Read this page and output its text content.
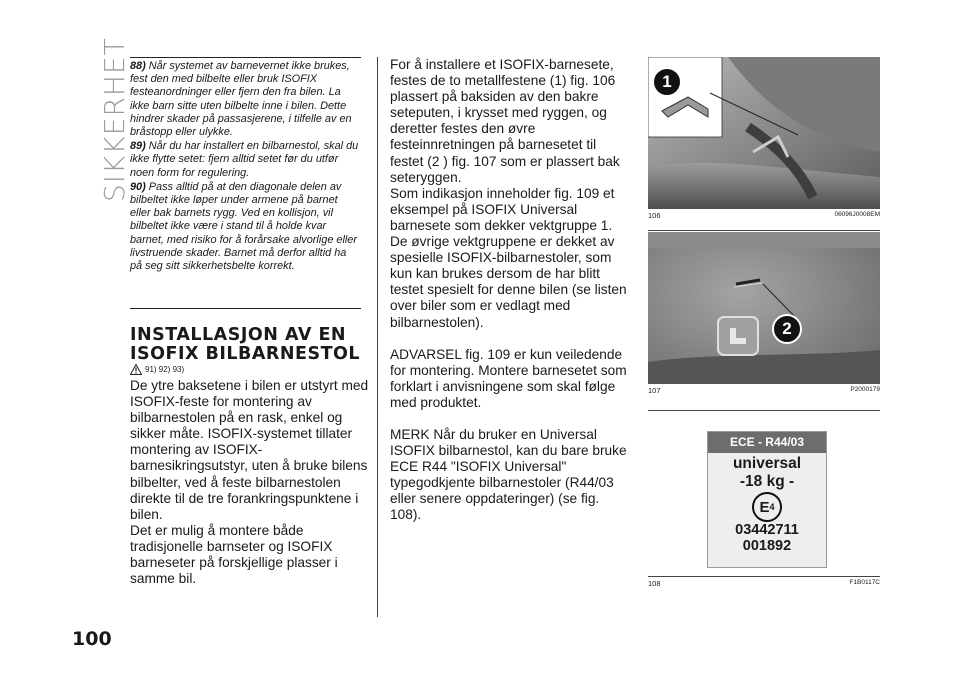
SIKKERHET 88) Når systemet av barnevernet ikke brukes, fest den med bilbelte eller bruk ISOFIX festeanordninger eller fjern den fra bilen. La ikke barn sitte uten bilbelte inne i bilen. Dette hindrer skader på passasjerene, i tilfelle av en bråstopp eller ulykke.

89) Når du har installert en bilbarnestol, skal du ikke flytte setet: fjern alltid setet før du utfør noen form for regulering.

90) Pass alltid på at den diagonale delen av bilbeltet ikke løper under armene på barnet eller bak barnets rygg. Ved en kollisjon, vil bilbeltet ikke være i stand til å holde kvar barnet, med risiko for å forårsake alvorlige eller livstruende skader. Barnet må derfor alltid ha på seg sitt sikkerhetsbelte korrekt.

INSTALLASJON AV EN
ISOFIX BILBARNESTOL
91) 92) 93)

De ytre baksetene i bilen er utstyrt med ISOFIX-feste for montering av bilbarnestolen på en rask, enkel og sikker måte. ISOFIX-systemet tillater montering av ISOFIX-barnesikringsutstyr, uten å bruke bilens bilbelter, ved å feste bilbarnestolen direkte til de tre forankringspunktene i bilen.

Det er mulig å montere både tradisjonelle barnseter og ISOFIX barneseter på forskjellige plasser i samme bil.

For å installere et ISOFIX-barnesete, festes de to metallfestene (1) fig. 106 plassert på baksiden av den bakre seteputen, i krysset med ryggen, og deretter festes den øvre festeinnretningen på barnesetet til festet (2 ) fig. 107 som er plassert bak seteryggen.

Som indikasjon inneholder fig. 109 et eksempel på ISOFIX Universal barnesete som dekker vektgruppe 1.

De øvrige vektgruppene er dekket av spesielle ISOFIX-bilbarnestoler, som kun kan brukes dersom de har blitt testet spesielt for denne bilen (se listen over biler som er vedlagt med bilbarnestolen).

ADVARSEL fig. 109 er kun veiledende for montering. Montere barnesetet som forklart i anvisningene som skal følge med produktet.

MERK Når du bruker en Universal ISOFIX bilbarnestol, kan du bare bruke ECE R44 "ISOFIX Universal" typegodkjente bilbarnestoler (R44/03 eller senere oppdateringer) (se fig. 108).

1
106	06096J0008EM
2
107	P2000179
ECE - R44/03
universal
-18 kg -
E 4
03442711
001892
108	F1B0117C
100
